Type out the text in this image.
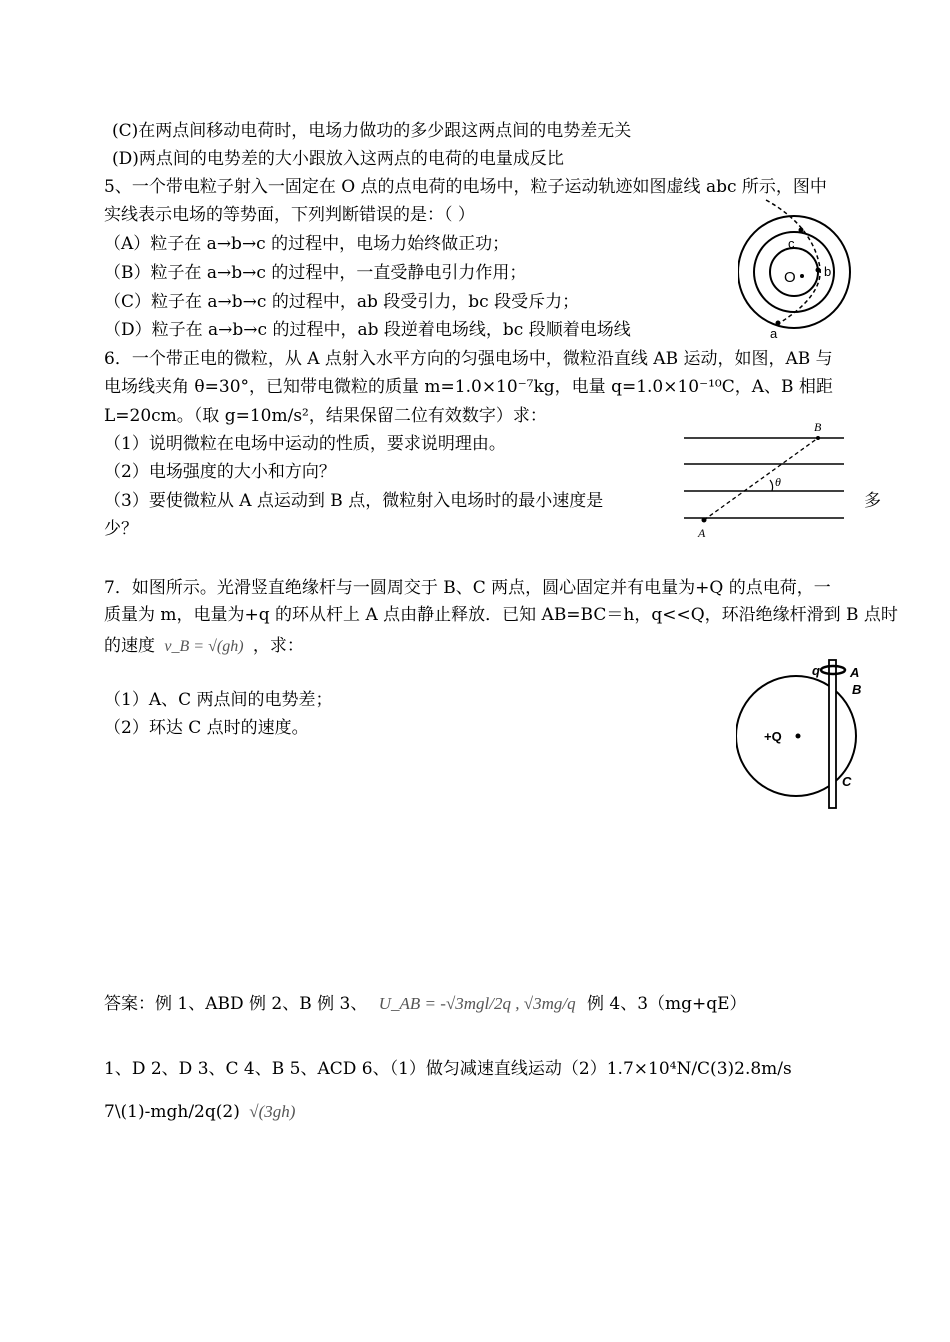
(C)在两点间移动电荷时，电场力做功的多少跟这两点间的电势差无关
(D)两点间的电势差的大小跟放入这两点的电荷的电量成反比
5、一个带电粒子射入一固定在 O 点的点电荷的电场中，粒子运动轨迹如图虚线 abc 所示，图中
实线表示电场的等势面，下列判断错误的是：（ ）
（A）粒子在 a→b→c 的过程中，电场力始终做正功；
（B）粒子在 a→b→c 的过程中，一直受静电引力作用；
（C）粒子在 a→b→c 的过程中，ab 段受引力，bc 段受斥力；
（D）粒子在 a→b→c 的过程中，ab 段逆着电场线，bc 段顺着电场线
6．一个带正电的微粒，从 A 点射入水平方向的匀强电场中，微粒沿直线 AB 运动，如图，AB 与
电场线夹角 θ=30°，已知带电微粒的质量 m=1.0×10⁻⁷kg，电量 q=1.0×10⁻¹⁰C，A、B 相距
L=20cm。（取 g=10m/s²，结果保留二位有效数字）求：
（1）说明微粒在电场中运动的性质，要求说明理由。
（2）电场强度的大小和方向？
（3）要使微粒从 A 点运动到 B 点，微粒射入电场时的最小速度是	多
少？
7．如图所示。光滑竖直绝缘杆与一圆周交于 B、C 两点，圆心固定并有电量为+Q 的点电荷，一
质量为 m，电量为+q 的环从杆上 A 点由静止释放．已知 AB=BC＝h，q<<Q，环沿绝缘杆滑到 B 点时
的速度 v_B = √(gh) ，求：
（1）A、C 两点间的电势差；
（2）环达 C 点时的速度。
答案：例 1、ABD 例 2、B 例 3、 U_AB = -√3mgl/2q , √3mg/q 例 4、3（mg+qE）
1、D 2、D 3、C 4、B 5、ACD 6、（1）做匀减速直线运动（2）1.7×10⁴N/C(3)2.8m/s
7\(1)-mgh/2q(2) √(3gh)
c
O b
a
B
θ
A
q A
B
+Q
C
